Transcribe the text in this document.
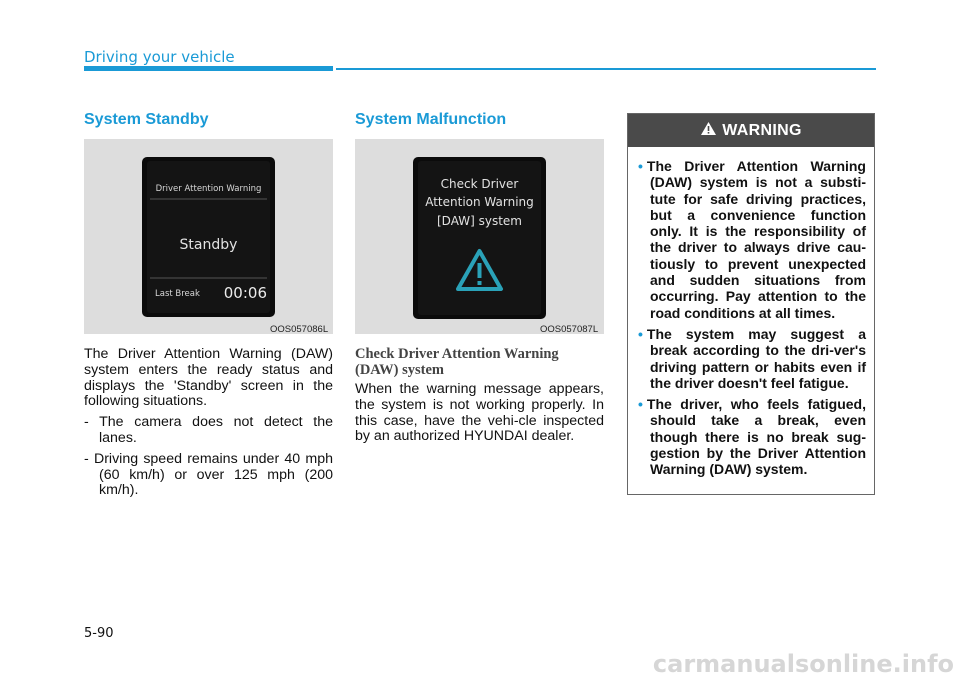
Driving your vehicle
System Standby
Driver Attention Warning
Standby
Last Break 00:06
OOS057086L

The Driver Attention Warning (DAW) system enters the ready status and displays the 'Standby' screen in the following situations.

- The camera does not detect the lanes.

- Driving speed remains under 40 mph (60 km/h) or over 125 mph (200 km/h).

System Malfunction
Check Driver
Attention Warning
[DAW] system
OOS057087L
Check Driver Attention Warning (DAW) system

When the warning message appears, the system is not working properly. In this case, have the vehi-cle inspected by an authorized HYUNDAI dealer.

WARNING
• The Driver Attention Warning (DAW) system is not a substi-tute for safe driving practices, but a convenience function only. It is the responsibility of the driver to always drive cau-tiously to prevent unexpected and sudden situations from occurring. Pay attention to the road conditions at all times.
• The system may suggest a break according to the dri-ver's driving pattern or habits even if the driver doesn't feel fatigue.
• The driver, who feels fatigued, should take a break, even though there is no break sug-gestion by the Driver Attention Warning (DAW) system.
5-90
carmanualsonline.info
